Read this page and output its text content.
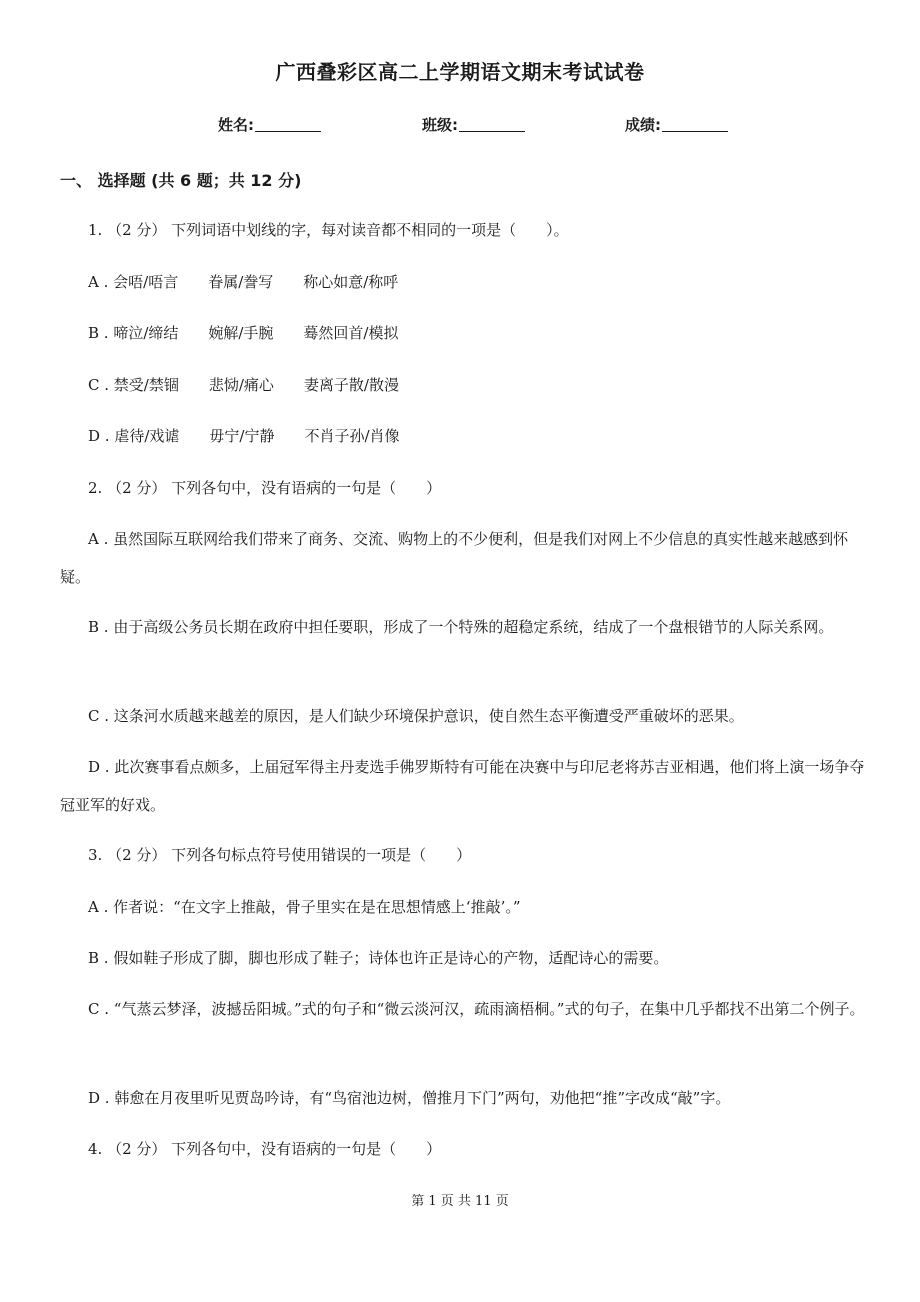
广西叠彩区高二上学期语文期末考试试卷
姓名:	班级:	成绩:
一、 选择题 (共 6 题；共 12 分)
1. （2 分） 下列词语中划线的字，每对读音都不相同的一项是（　　）。
A . 会唔/唔言　　眷属/誊写　　称心如意/称呼
B . 啼泣/缔结　　婉解/手腕　　蓦然回首/模拟
C . 禁受/禁锢　　悲恸/痛心　　妻离子散/散漫
D . 虐待/戏谑　　毋宁/宁静　　不肖子孙/肖像
2. （2 分） 下列各句中，没有语病的一句是（　　）
A . 虽然国际互联网给我们带来了商务、交流、购物上的不少便利，但是我们对网上不少信息的真实性越来越感到怀疑。
B . 由于高级公务员长期在政府中担任要职，形成了一个特殊的超稳定系统，结成了一个盘根错节的人际关系网。
C . 这条河水质越来越差的原因，是人们缺少环境保护意识，使自然生态平衡遭受严重破坏的恶果。
D . 此次赛事看点颇多，上届冠军得主丹麦选手佛罗斯特有可能在决赛中与印尼老将苏吉亚相遇，他们将上演一场争夺冠亚军的好戏。
3. （2 分） 下列各句标点符号使用错误的一项是（　　）
A . 作者说：“在文字上推敲，骨子里实在是在思想情感上‘推敲’。”
B . 假如鞋子形成了脚，脚也形成了鞋子；诗体也许正是诗心的产物，适配诗心的需要。
C . “气蒸云梦泽，波撼岳阳城。”式的句子和“微云淡河汉，疏雨滴梧桐。”式的句子，在集中几乎都找不出第二个例子。
D . 韩愈在月夜里听见贾岛吟诗，有“鸟宿池边树，僧推月下门”两句，劝他把“推”字改成“敲”字。
4. （2 分） 下列各句中，没有语病的一句是（　　）
第 1 页 共 11 页
